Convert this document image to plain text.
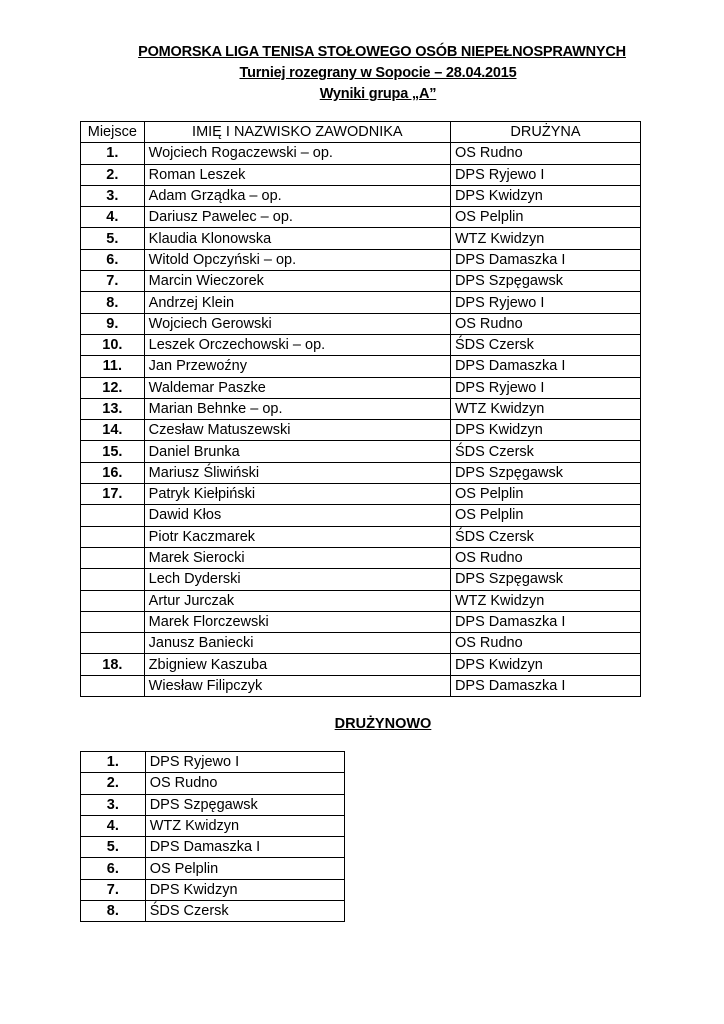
POMORSKA LIGA TENISA STOŁOWEGO OSÓB NIEPEŁNOSPRAWNYCH
Turniej rozegrany w Sopocie – 28.04.2015
Wyniki grupa „A”
Miejsce	IMIĘ I NAZWISKO ZAWODNIKA	DRUŻYNA
1.	Wojciech Rogaczewski – op.	OS Rudno
2.	Roman Leszek	DPS Ryjewo I
3.	Adam Grządka – op.	DPS Kwidzyn
4.	Dariusz Pawelec – op.	OS Pelplin
5.	Klaudia Klonowska	WTZ Kwidzyn
6.	Witold Opczyński – op.	DPS Damaszka I
7.	Marcin Wieczorek	DPS Szpęgawsk
8.	Andrzej Klein	DPS Ryjewo I
9.	Wojciech Gerowski	OS Rudno
10.	Leszek Orczechowski – op.	ŚDS Czersk
11.	Jan Przewoźny	DPS Damaszka I
12.	Waldemar Paszke	DPS Ryjewo I
13.	Marian Behnke – op.	WTZ Kwidzyn
14.	Czesław Matuszewski	DPS Kwidzyn
15.	Daniel Brunka	ŚDS Czersk
16.	Mariusz Śliwiński	DPS Szpęgawsk
17.	Patryk Kiełpiński	OS Pelplin
	Dawid Kłos	OS Pelplin
	Piotr Kaczmarek	ŚDS Czersk
	Marek Sierocki	OS Rudno
	Lech Dyderski	DPS Szpęgawsk
	Artur Jurczak	WTZ Kwidzyn
	Marek Florczewski	DPS Damaszka I
	Janusz Baniecki	OS Rudno
18.	Zbigniew Kaszuba	DPS Kwidzyn
	Wiesław Filipczyk	DPS Damaszka I
DRUŻYNOWO
1.	DPS Ryjewo I
2.	OS Rudno
3.	DPS Szpęgawsk
4.	WTZ Kwidzyn
5.	DPS Damaszka I
6.	OS Pelplin
7.	DPS Kwidzyn
8.	ŚDS Czersk
